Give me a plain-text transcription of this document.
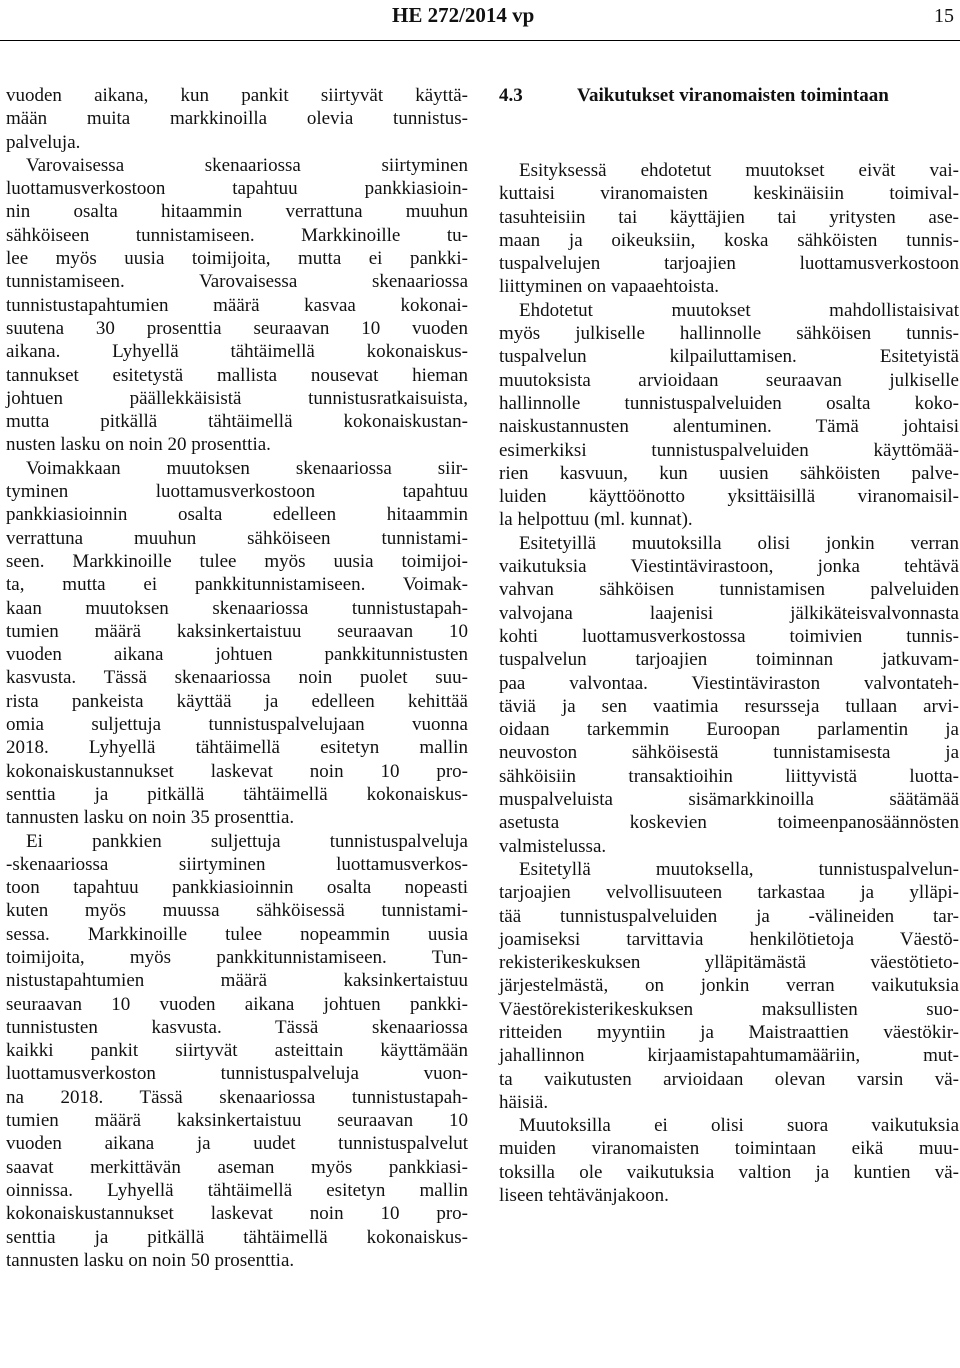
HE 272/2014 vp	15
vuoden aikana, kun pankit siirtyvät käyttä-
mään muita markkinoilla olevia tunnistus-
palveluja.
Varovaisessa skenaariossa siirtyminen
luottamusverkostoon tapahtuu pankkiasioin-
nin osalta hitaammin verrattuna muuhun
sähköiseen tunnistamiseen. Markkinoille tu-
lee myös uusia toimijoita, mutta ei pankki-
tunnistamiseen. Varovaisessa skenaariossa
tunnistustapahtumien määrä kasvaa kokonai-
suutena 30 prosenttia seuraavan 10 vuoden
aikana. Lyhyellä tähtäimellä kokonaiskus-
tannukset esitetystä mallista nousevat hieman
johtuen päällekkäisistä tunnistusratkaisuista,
mutta pitkällä tähtäimellä kokonaiskustan-
nusten lasku on noin 20 prosenttia.
Voimakkaan muutoksen skenaariossa siir-
tyminen luottamusverkostoon tapahtuu
pankkiasioinnin osalta edelleen hitaammin
verrattuna muuhun sähköiseen tunnistami-
seen. Markkinoille tulee myös uusia toimijoi-
ta, mutta ei pankkitunnistamiseen. Voimak-
kaan muutoksen skenaariossa tunnistustapah-
tumien määrä kaksinkertaistuu seuraavan 10
vuoden aikana johtuen pankkitunnistusten
kasvusta. Tässä skenaariossa noin puolet suu-
rista pankeista käyttää ja edelleen kehittää
omia suljettuja tunnistuspalvelujaan vuonna
2018. Lyhyellä tähtäimellä esitetyn mallin
kokonaiskustannukset laskevat noin 10 pro-
senttia ja pitkällä tähtäimellä kokonaiskus-
tannusten lasku on noin 35 prosenttia.
Ei pankkien suljettuja tunnistuspalveluja
-skenaariossa siirtyminen luottamusverkos-
toon tapahtuu pankkiasioinnin osalta nopeasti
kuten myös muussa sähköisessä tunnistami-
sessa. Markkinoille tulee nopeammin uusia
toimijoita, myös pankkitunnistamiseen. Tun-
nistustapahtumien määrä kaksinkertaistuu
seuraavan 10 vuoden aikana johtuen pankki-
tunnistusten kasvusta. Tässä skenaariossa
kaikki pankit siirtyvät asteittain käyttämään
luottamusverkoston tunnistuspalveluja vuon-
na 2018. Tässä skenaariossa tunnistustapah-
tumien määrä kaksinkertaistuu seuraavan 10
vuoden aikana ja uudet tunnistuspalvelut
saavat merkittävän aseman myös pankkiasi-
oinnissa. Lyhyellä tähtäimellä esitetyn mallin
kokonaiskustannukset laskevat noin 10 pro-
senttia ja pitkällä tähtäimellä kokonaiskus-
tannusten lasku on noin 50 prosenttia.
4.3	Vaikutukset viranomaisten toimintaan
Esityksessä ehdotetut muutokset eivät vai-
kuttaisi viranomaisten keskinäisiin toimival-
tasuhteisiin tai käyttäjien tai yritysten ase-
maan ja oikeuksiin, koska sähköisten tunnis-
tuspalvelujen tarjoajien luottamusverkostoon
liittyminen on vapaaehtoista.
Ehdotetut muutokset mahdollistaisivat
myös julkiselle hallinnolle sähköisen tunnis-
tuspalvelun kilpailuttamisen. Esitetyistä
muutoksista arvioidaan seuraavan julkiselle
hallinnolle tunnistuspalveluiden osalta koko-
naiskustannusten alentuminen. Tämä johtaisi
esimerkiksi tunnistuspalveluiden käyttömää-
rien kasvuun, kun uusien sähköisten palve-
luiden käyttöönotto yksittäisillä viranomaisil-
la helpottuu (ml. kunnat).
Esitetyillä muutoksilla olisi jonkin verran
vaikutuksia Viestintävirastoon, jonka tehtävä
vahvan sähköisen tunnistamisen palveluiden
valvojana laajenisi jälkikäteisvalvonnasta
kohti luottamusverkostossa toimivien tunnis-
tuspalvelun tarjoajien toiminnan jatkuvam-
paa valvontaa. Viestintäviraston valvontateh-
täviä ja sen vaatimia resursseja tullaan arvi-
oidaan tarkemmin Euroopan parlamentin ja
neuvoston sähköisestä tunnistamisesta ja
sähköisiin transaktioihin liittyvistä luotta-
muspalveluista sisämarkkinoilla säätämää
asetusta koskevien toimeenpanosäännösten
valmistelussa.
Esitetyllä muutoksella, tunnistuspalvelun-
tarjoajien velvollisuuteen tarkastaa ja ylläpi-
tää tunnistuspalveluiden ja -välineiden tar-
joamiseksi tarvittavia henkilötietoja Väestö-
rekisterikeskuksen ylläpitämästä väestötieto-
järjestelmästä, on jonkin verran vaikutuksia
Väestörekisterikeskuksen maksullisten suo-
ritteiden myyntiin ja Maistraattien väestökir-
jahallinnon kirjaamistapahtumamääriin, mut-
ta vaikutusten arvioidaan olevan varsin vä-
häisiä.
Muutoksilla ei olisi suora vaikutuksia
muiden viranomaisten toimintaan eikä muu-
toksilla ole vaikutuksia valtion ja kuntien vä-
liseen tehtävänjakoon.
